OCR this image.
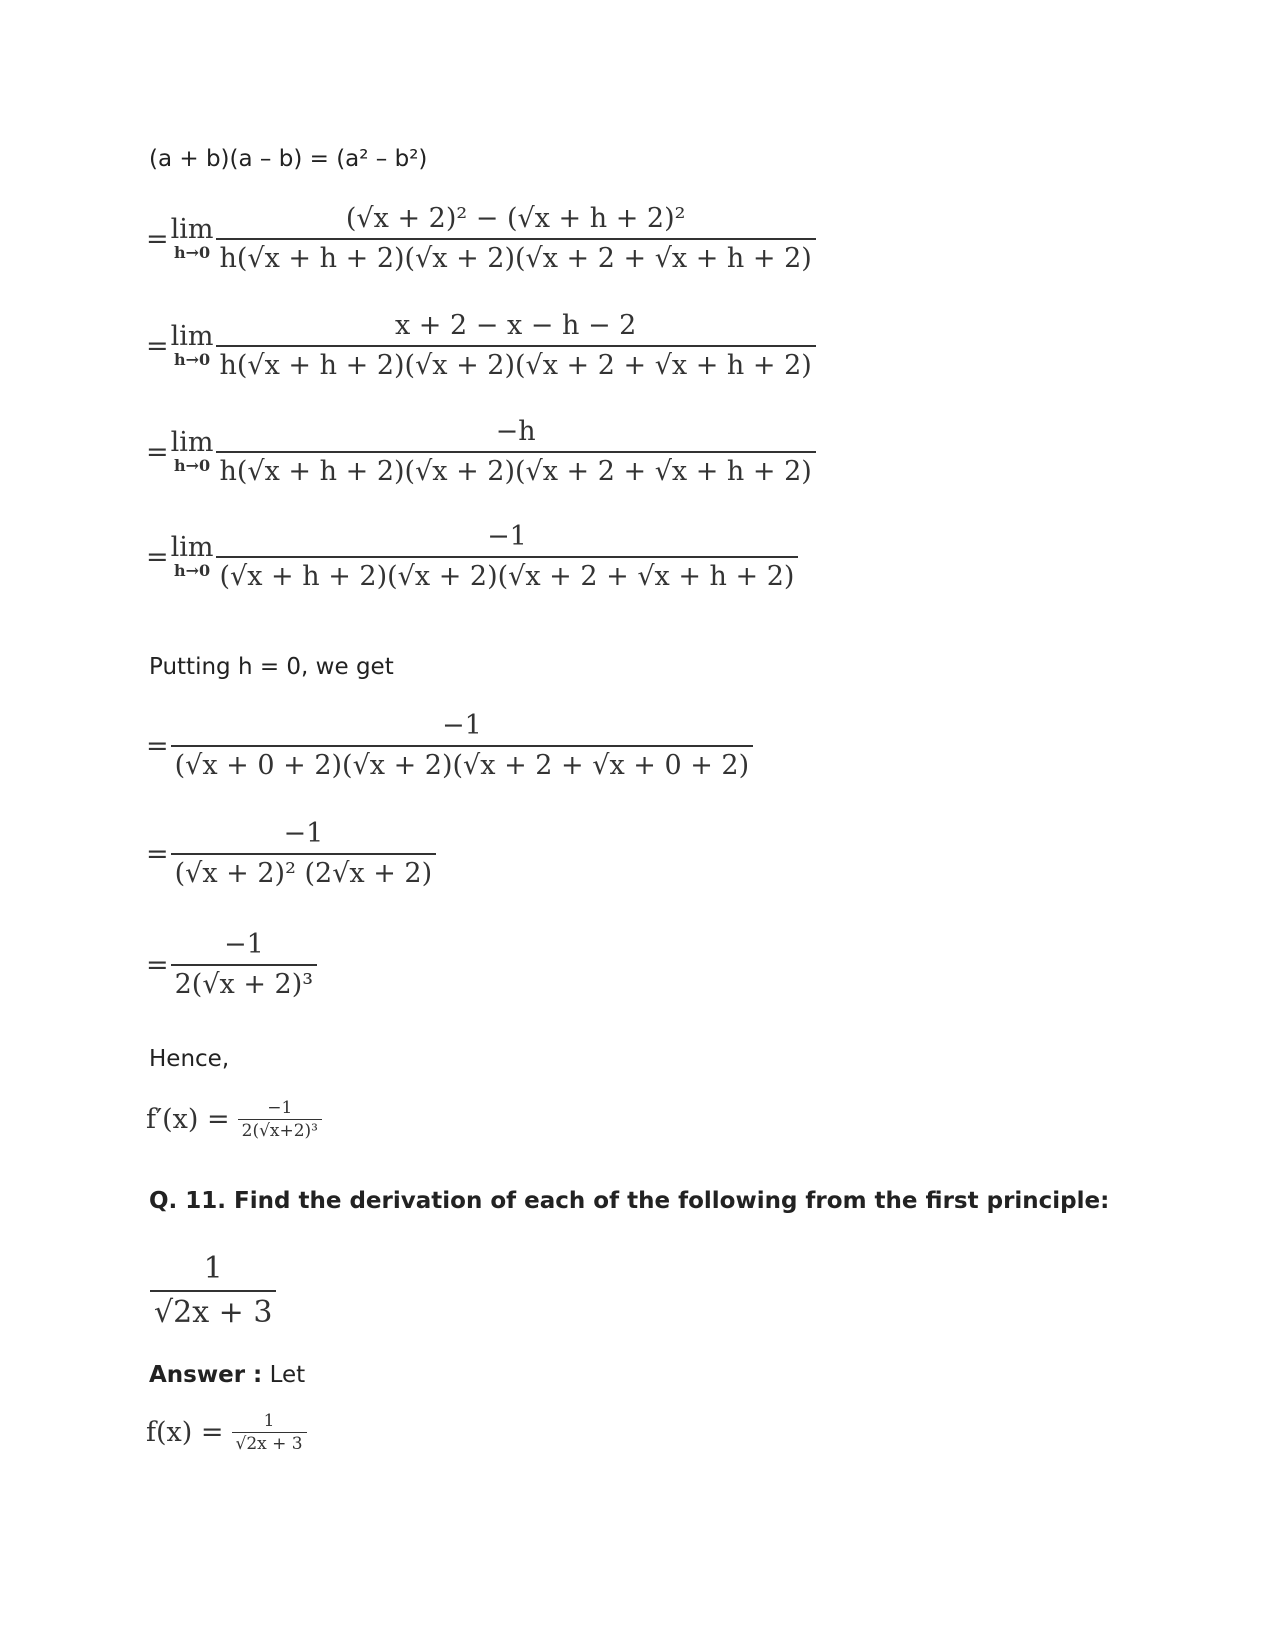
(a + b)(a – b) = (a² – b²)
lim
h→0
= $\frac{\text{(√x + 2)² − (√x + h + 2)²}}{h(√x + h + 2)(√x + 2)(√x + 2 + √x + h + 2)}$
= lim
$h\to 0 \frac{x + 2 - x - h - 2}{h(√x + h + 2)(√x + 2)(√x + 2 + √x + h + 2)}$
= lim
$h\to 0 \frac{-h}{h(√x + h + 2)(√x + 2)(√x + 2 + √x + h + 2)}$
= lim
$h\to 0 \frac{-1}{(√x + h + 2)(√x + 2)(√x + 2 + √x + h + 2)}$
Putting h = 0, we get
= $\frac{-1}{(√x + 0 + 2)(√x + 2)(√x + 2 + √x + 0 + 2)}$
= $\frac{-1}{\text{(√x + 2)² (2√x + 2)}}$
= $\frac{-1}{\text{2(√x + 2)³}}$
Hence,
$f'(x) = \frac{-1}{\text{2(√x+2)³}}$
Q. 11. Find the derivation of each of the following from the first principle:
$\frac{1}{√2x + 3}$
Answer : Let
$f(x) = \frac{1}{√2x + 3}$
